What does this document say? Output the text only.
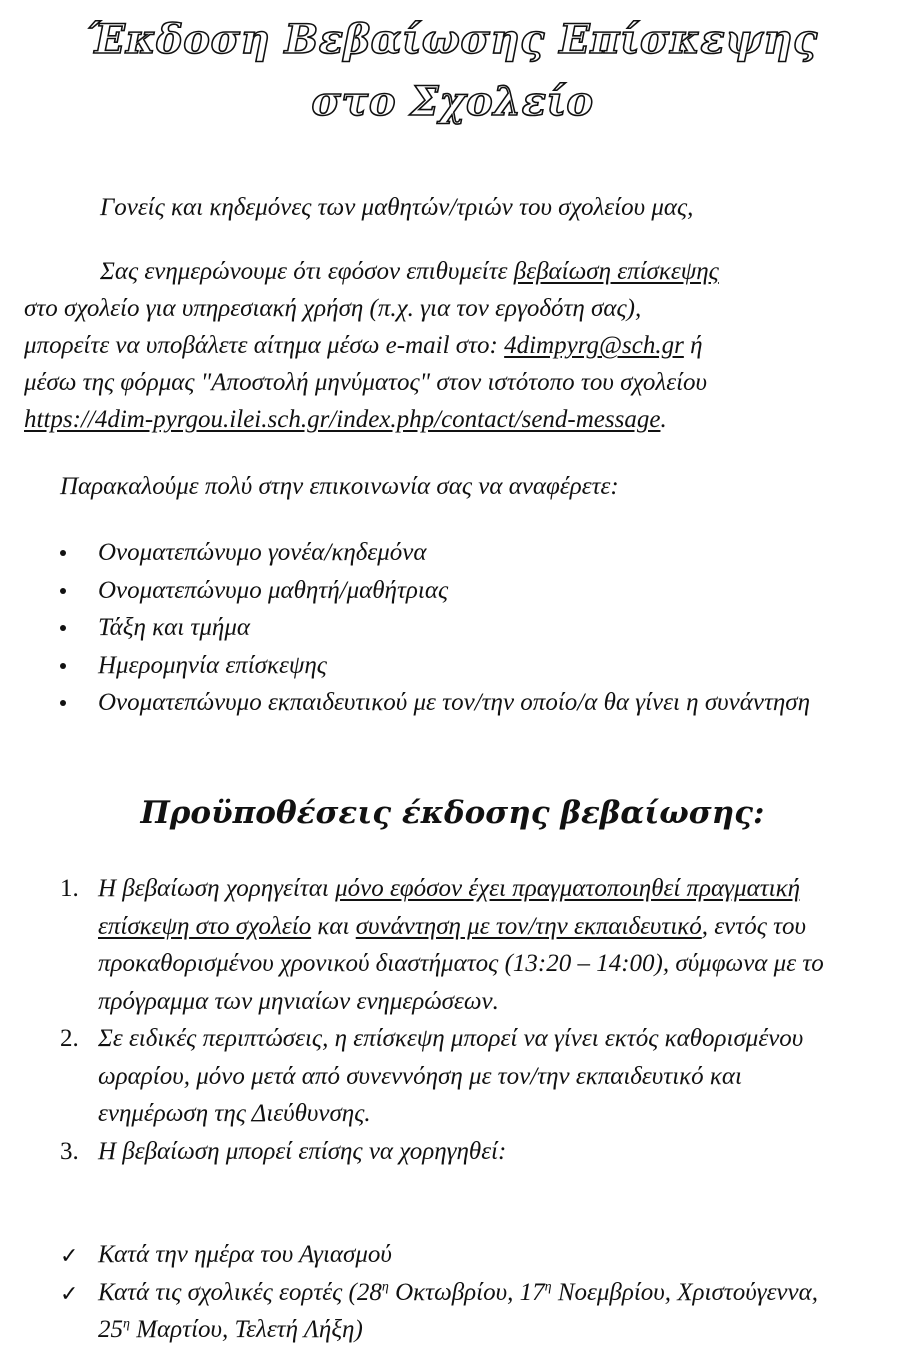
Έκδοση Βεβαίωσης Επίσκεψης
στο Σχολείο

Γονείς και κηδεμόνες των μαθητών/τριών του σχολείου μας,

Σας ενημερώνουμε ότι εφόσον επιθυμείτε βεβαίωση επίσκεψης

στο σχολείο για υπηρεσιακή χρήση (π.χ. για τον εργοδότη σας),

μπορείτε να υποβάλετε αίτημα μέσω e-mail στο: 4dimpyrg@sch.gr ή

μέσω της φόρμας "Αποστολή μηνύματος" στον ιστότοπο του σχολείου

https://4dim-pyrgou.ilei.sch.gr/index.php/contact/send-message.

Παρακαλούμε πολύ στην επικοινωνία σας να αναφέρετε:

Ονοματεπώνυμο γονέα/κηδεμόνα
Ονοματεπώνυμο μαθητή/μαθήτριας
Τάξη και τμήμα
Ημερομηνία επίσκεψης
Ονοματεπώνυμο εκπαιδευτικού με τον/την οποίο/α θα γίνει η συνάντηση
Προϋποθέσεις έκδοσης βεβαίωσης:
1. Η βεβαίωση χορηγείται μόνο εφόσον έχει πραγματοποιηθεί πραγματική επίσκεψη στο σχολείο και συνάντηση με τον/την εκπαιδευτικό, εντός του προκαθορισμένου χρονικού διαστήματος (13:20 – 14:00), σύμφωνα με το πρόγραμμα των μηνιαίων ενημερώσεων.
2. Σε ειδικές περιπτώσεις, η επίσκεψη μπορεί να γίνει εκτός καθορισμένου ωραρίου, μόνο μετά από συνεννόηση με τον/την εκπαιδευτικό και ενημέρωση της Διεύθυνσης.
3. Η βεβαίωση μπορεί επίσης να χορηγηθεί:
✓ Κατά την ημέρα του Αγιασμού
✓ Κατά τις σχολικές εορτές ($28^\eta$ Οκτωβρίου, $17^\eta$ Νοεμβρίου, Χριστούγεννα, $25^\eta$ Μαρτίου, Τελετή Λήξη)
